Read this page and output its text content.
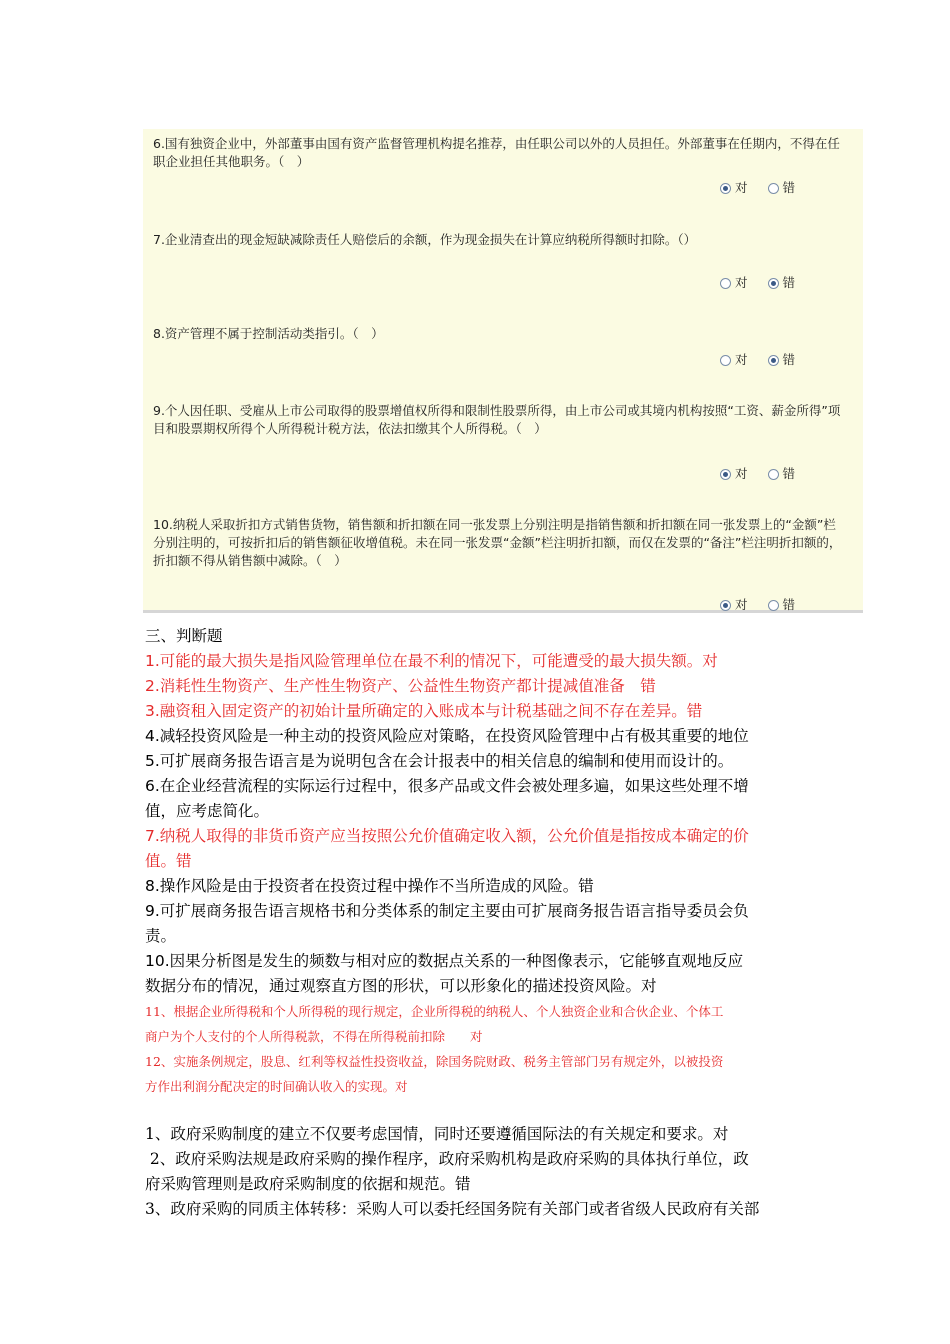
6.国有独资企业中，外部董事由国有资产监督管理机构提名推荐，由任职公司以外的人员担任。外部董事在任期内，不得在任职企业担任其他职务。（　）

对	错

7.企业清查出的现金短缺减除责任人赔偿后的余额，作为现金损失在计算应纳税所得额时扣除。（）

对	错

8.资产管理不属于控制活动类指引。（　）

对	错

9.个人因任职、受雇从上市公司取得的股票增值权所得和限制性股票所得，由上市公司或其境内机构按照“工资、薪金所得”项目和股票期权所得个人所得税计税方法，依法扣缴其个人所得税。（　）

对	错

10.纳税人采取折扣方式销售货物，销售额和折扣额在同一张发票上分别注明是指销售额和折扣额在同一张发票上的“金额”栏分别注明的，可按折扣后的销售额征收增值税。未在同一张发票“金额”栏注明折扣额，而仅在发票的“备注”栏注明折扣额的，折扣额不得从销售额中减除。（　）

对	错

三、判断题

1.可能的最大损失是指风险管理单位在最不利的情况下，可能遭受的最大损失额。对

2.消耗性生物资产、生产性生物资产、公益性生物资产都计提减值准备　错

3.融资租入固定资产的初始计量所确定的入账成本与计税基础之间不存在差异。错

4.减轻投资风险是一种主动的投资风险应对策略，在投资风险管理中占有极其重要的地位

5.可扩展商务报告语言是为说明包含在会计报表中的相关信息的编制和使用而设计的。

6.在企业经营流程的实际运行过程中，很多产品或文件会被处理多遍，如果这些处理不增

值，应考虑简化。

7.纳税人取得的非货币资产应当按照公允价值确定收入额，公允价值是指按成本确定的价

值。错

8.操作风险是由于投资者在投资过程中操作不当所造成的风险。错

9.可扩展商务报告语言规格书和分类体系的制定主要由可扩展商务报告语言指导委员会负

责。

10.因果分析图是发生的频数与相对应的数据点关系的一种图像表示，它能够直观地反应

数据分布的情况，通过观察直方图的形状，可以形象化的描述投资风险。对

11、根据企业所得税和个人所得税的现行规定，企业所得税的纳税人、个人独资企业和合伙企业、个体工

商户为个人支付的个人所得税款，不得在所得税前扣除　　对

12、实施条例规定，股息、红利等权益性投资收益，除国务院财政、税务主管部门另有规定外，以被投资

方作出利润分配决定的时间确认收入的实现。对

1、政府采购制度的建立不仅要考虑国情，同时还要遵循国际法的有关规定和要求。对

2、政府采购法规是政府采购的操作程序，政府采购机构是政府采购的具体执行单位，政

府采购管理则是政府采购制度的依据和规范。错

3、政府采购的同质主体转移：采购人可以委托经国务院有关部门或者省级人民政府有关部
